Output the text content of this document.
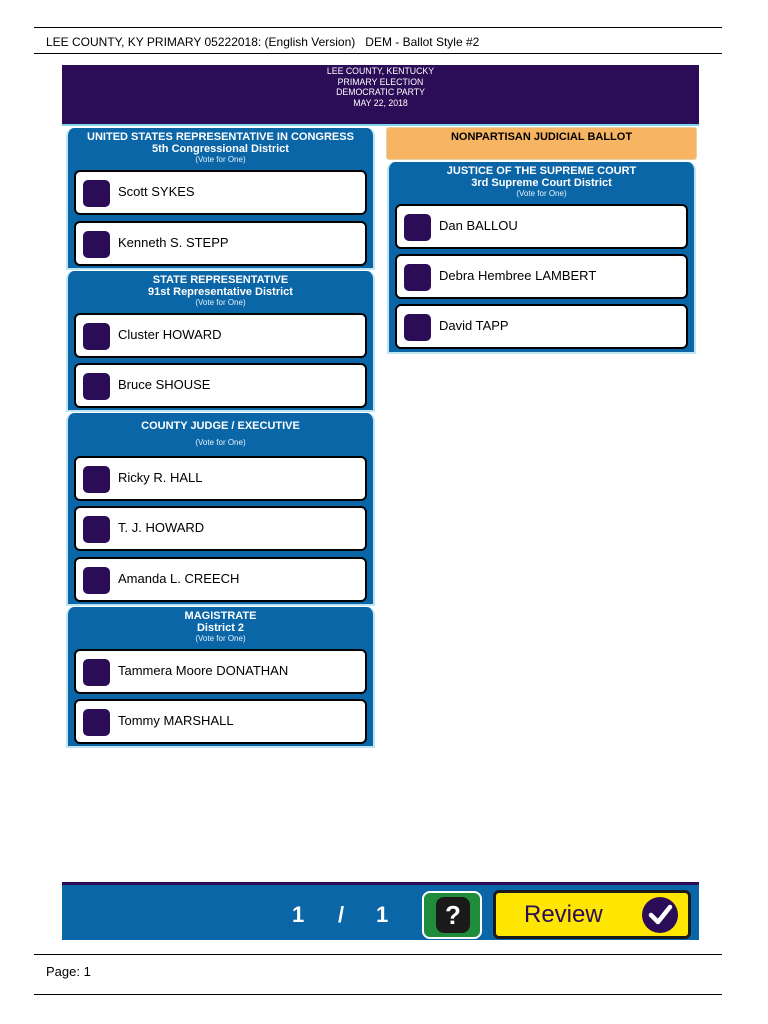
LEE COUNTY, KY PRIMARY 05222018: (English Version)   DEM - Ballot Style #2
LEE COUNTY, KENTUCKY
PRIMARY ELECTION
DEMOCRATIC PARTY
MAY 22, 2018
UNITED STATES REPRESENTATIVE IN CONGRESS
5th Congressional District
(Vote for One)
Scott SYKES
Kenneth S. STEPP
STATE REPRESENTATIVE
91st Representative District
(Vote for One)
Cluster HOWARD
Bruce SHOUSE
COUNTY JUDGE / EXECUTIVE
(Vote for One)
Ricky R. HALL
T. J. HOWARD
Amanda L. CREECH
MAGISTRATE
District 2
(Vote for One)
Tammera Moore DONATHAN
Tommy MARSHALL
NONPARTISAN JUDICIAL BALLOT
JUSTICE OF THE SUPREME COURT
3rd Supreme Court District
(Vote for One)
Dan BALLOU
Debra Hembree LAMBERT
David TAPP
1 / 1	?	Review
Page: 1
